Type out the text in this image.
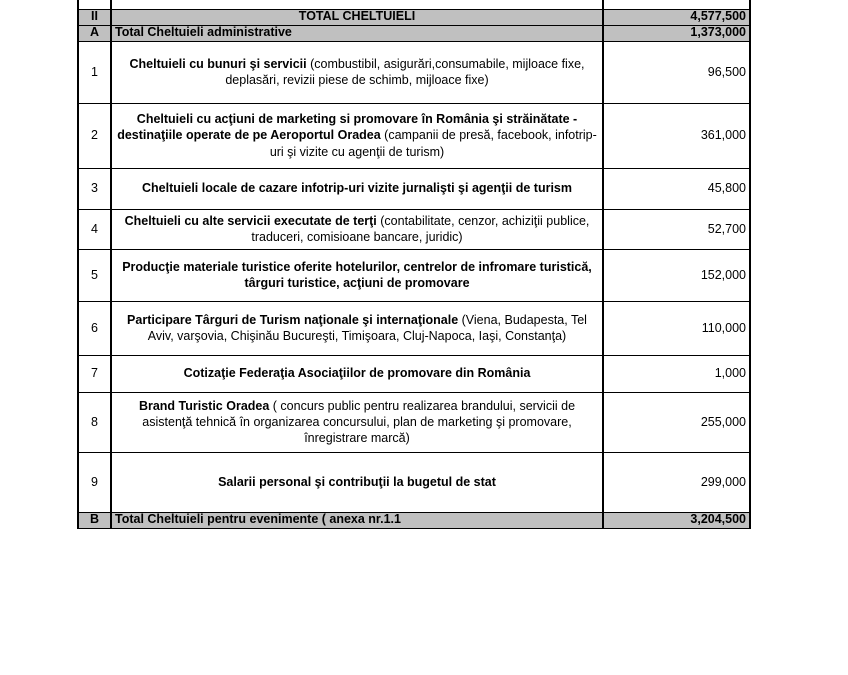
II	TOTAL CHELTUIELI	4,577,500
A	Total Cheltuieli administrative	1,373,000
1	Cheltuieli cu bunuri şi servicii (combustibil, asigurări,consumabile, mijloace fixe, deplasări, revizii piese de schimb, mijloace fixe)	96,500
2	Cheltuieli cu acţiuni de marketing si promovare în România şi străinătate - destinaţiile operate de pe Aeroportul Oradea (campanii de presă, facebook, infotrip-uri şi vizite cu agenţii de turism)	361,000
3	Cheltuieli locale de cazare infotrip-uri vizite jurnalişti şi agenţii de turism	45,800
4	Cheltuieli cu alte servicii executate de terţi (contabilitate, cenzor, achiziţii publice, traduceri, comisioane bancare, juridic)	52,700
5	Producţie materiale turistice oferite hotelurilor, centrelor de infromare turistică, târguri turistice, acţiuni de promovare	152,000
6	Participare Târguri de Turism naţionale şi internaţionale (Viena, Budapesta, Tel Aviv, varşovia, Chişinău Bucureşti, Timişoara, Cluj-Napoca, Iaşi, Constanţa)	110,000
7	Cotizaţie Federaţia Asociaţiilor de promovare din România	1,000
8	Brand Turistic Oradea ( concurs public pentru realizarea brandului, servicii de asistenţă tehnică în organizarea concursului, plan de marketing şi promovare, înregistrare marcă)	255,000
9	Salarii personal şi contribuţii la bugetul de stat	299,000
B	Total Cheltuieli pentru evenimente ( anexa nr.1.1	3,204,500
